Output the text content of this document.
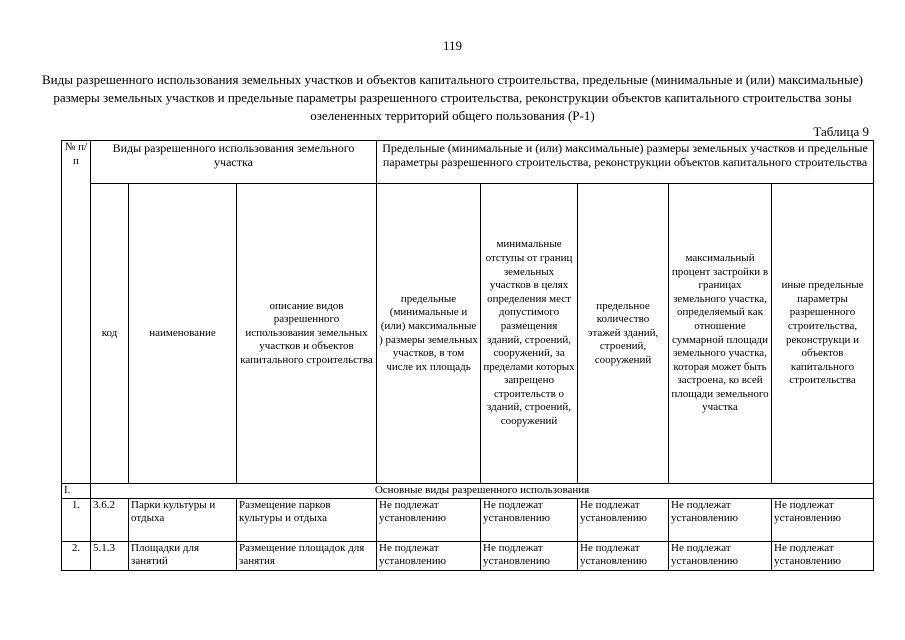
119
Виды разрешенного использования земельных участков и объектов капитального строительства, предельные (минимальные и (или) максимальные) размеры земельных участков и предельные параметры разрешенного строительства, реконструкции объектов капитального строительства зоны озелененных территорий общего пользования (Р-1)
Таблица 9
№ п/п	Виды разрешенного использования земельного участка			Предельные (минимальные и (или) максимальные) размеры земельных участков и предельные параметры разрешенного строительства, реконструкции объектов капитального строительства				
	код	наименование	описание видов разрешенного использования земельных участков и объектов капитального строительства	предельные (минимальные и (или) максимальные ) размеры земельных участков, в том числе их площадь	минимальные отступы от границ земельных участков в целях определения мест допустимого размещения зданий, строений, сооружений, за пределами которых запрещено строительств о зданий, строений, сооружений	предельное количество этажей зданий, строений, сооружений	максимальный процент застройки в границах земельного участка, определяемый как отношение суммарной площади земельного участка, которая может быть застроена, ко всей площади земельного участка	иные предельные параметры разрешенного строительства, реконструкци и объектов капитального строительства
I.	Основные виды разрешенного использования							
1.	3.6.2	Парки культуры и отдыха	Размещение парков культуры и отдыха	Не подлежат установлению	Не подлежат установлению	Не подлежат установлению	Не подлежат установлению	Не подлежат установлению
2.	5.1.3	Площадки для занятий	Размещение площадок для занятия	Не подлежат установлению	Не подлежат установлению	Не подлежат установлению	Не подлежат установлению	Не подлежат установлению
